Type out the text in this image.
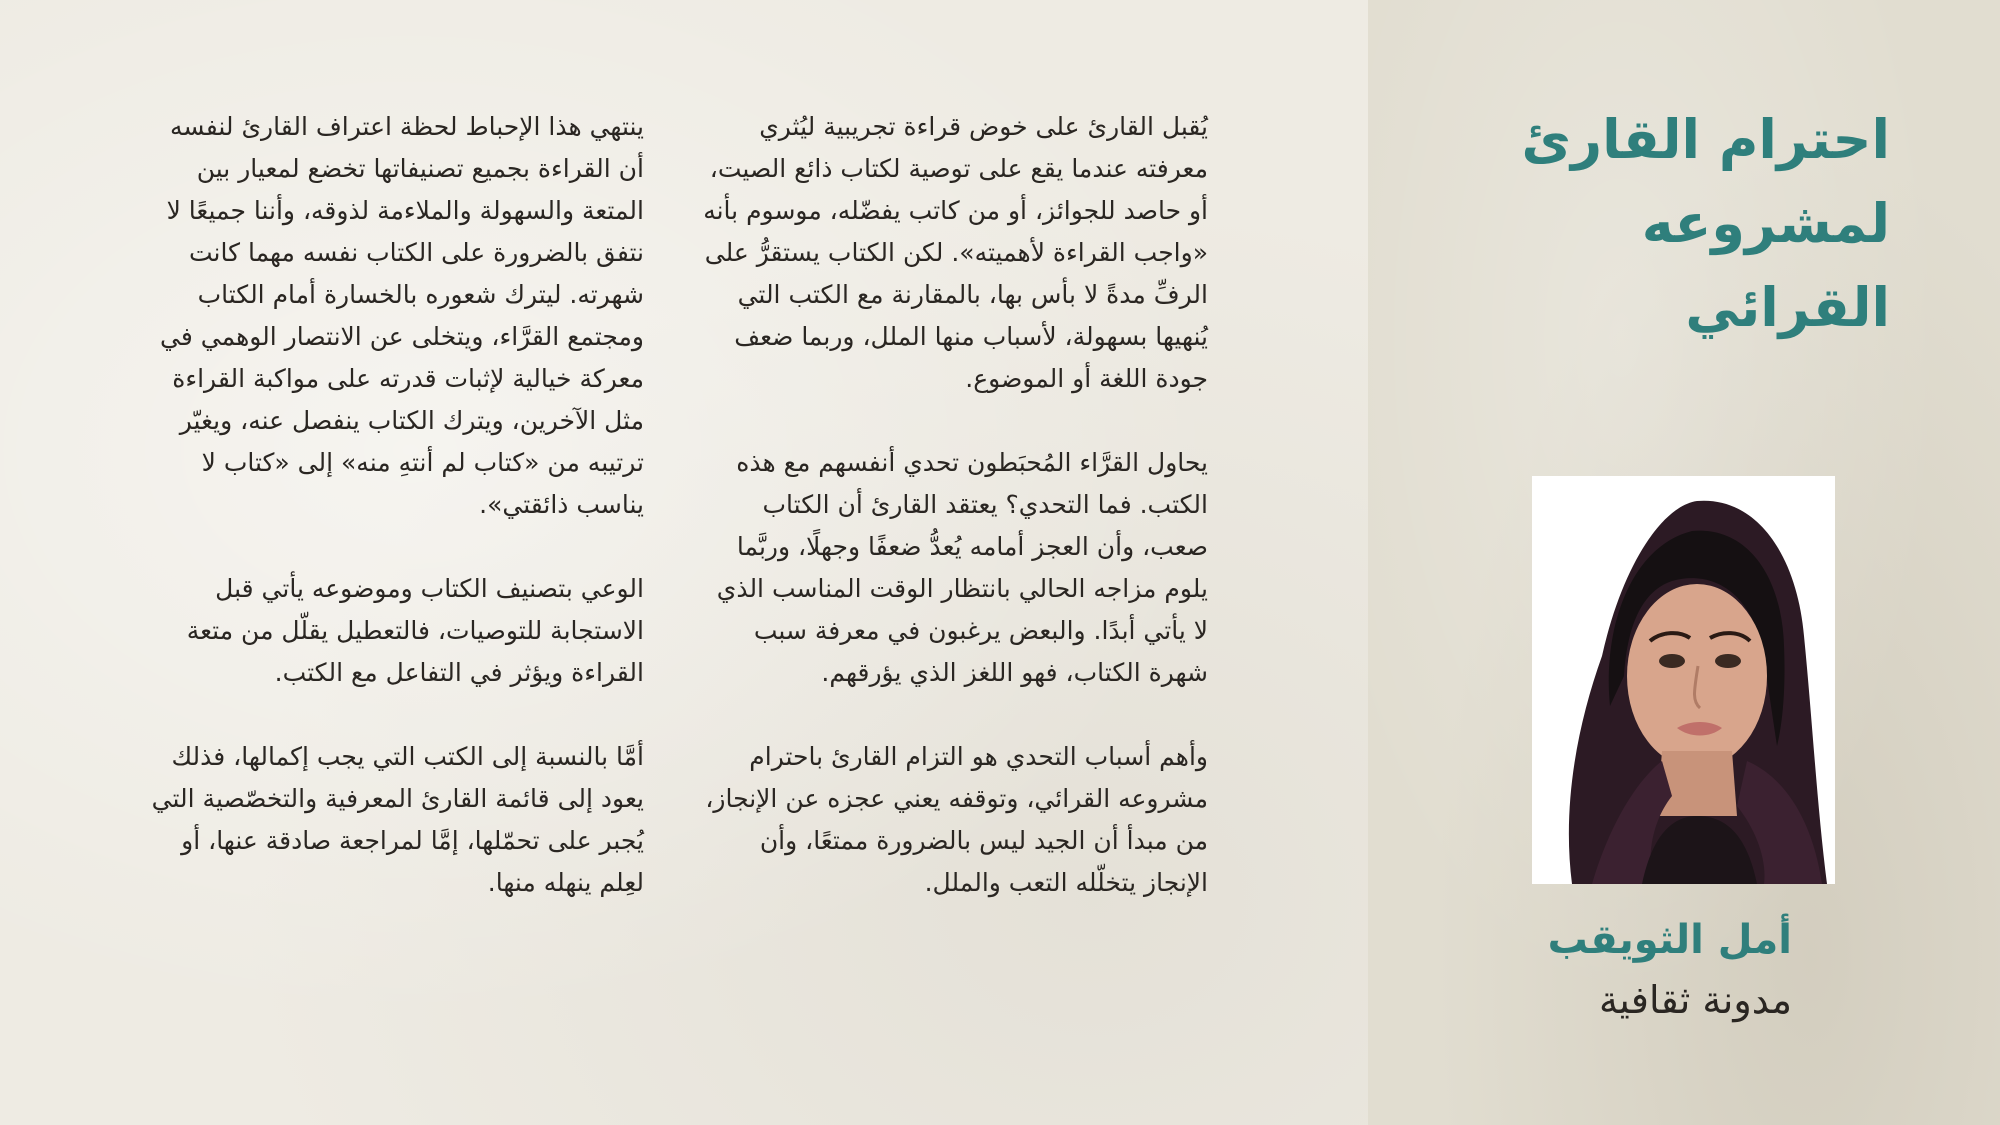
يُقبل القارئ على خوض قراءة تجريبية ليُثري معرفته عندما يقع على توصية لكتاب ذائع الصيت، أو حاصد للجوائز، أو من كاتب يفضّله، موسوم بأنه «واجب القراءة لأهميته». لكن الكتاب يستقرُّ على الرفِّ مدةً لا بأس بها، بالمقارنة مع الكتب التي يُنهيها بسهولة، لأسباب منها الملل، وربما ضعف جودة اللغة أو الموضوع.

يحاول القرَّاء المُحبَطون تحدي أنفسهم مع هذه الكتب. فما التحدي؟ يعتقد القارئ أن الكتاب صعب، وأن العجز أمامه يُعدُّ ضعفًا وجهلًا، وربَّما يلوم مزاجه الحالي بانتظار الوقت المناسب الذي لا يأتي أبدًا. والبعض يرغبون في معرفة سبب شهرة الكتاب، فهو اللغز الذي يؤرقهم.

وأهم أسباب التحدي هو التزام القارئ باحترام مشروعه القرائي، وتوقفه يعني عجزه عن الإنجاز، من مبدأ أن الجيد ليس بالضرورة ممتعًا، وأن الإنجاز يتخلّله التعب والملل.

ينتهي هذا الإحباط لحظة اعتراف القارئ لنفسه أن القراءة بجميع تصنيفاتها تخضع لمعيار بين المتعة والسهولة والملاءمة لذوقه، وأننا جميعًا لا نتفق بالضرورة على الكتاب نفسه مهما كانت شهرته. ليترك شعوره بالخسارة أمام الكتاب ومجتمع القرَّاء، ويتخلى عن الانتصار الوهمي في معركة خيالية لإثبات قدرته على مواكبة القراءة مثل الآخرين، ويترك الكتاب ينفصل عنه، ويغيّر ترتيبه من «كتاب لم أنتهِ منه» إلى «كتاب لا يناسب ذائقتي».

الوعي بتصنيف الكتاب وموضوعه يأتي قبل الاستجابة للتوصيات، فالتعطيل يقلّل من متعة القراءة ويؤثر في التفاعل مع الكتب.

أمَّا بالنسبة إلى الكتب التي يجب إكمالها، فذلك يعود إلى قائمة القارئ المعرفية والتخصّصية التي يُجبر على تحمّلها، إمَّا لمراجعة صادقة عنها، أو لعِلم ينهله منها.

احترام القارئ
لمشروعه القرائي
أمل الثويقب
مدونة ثقافية
